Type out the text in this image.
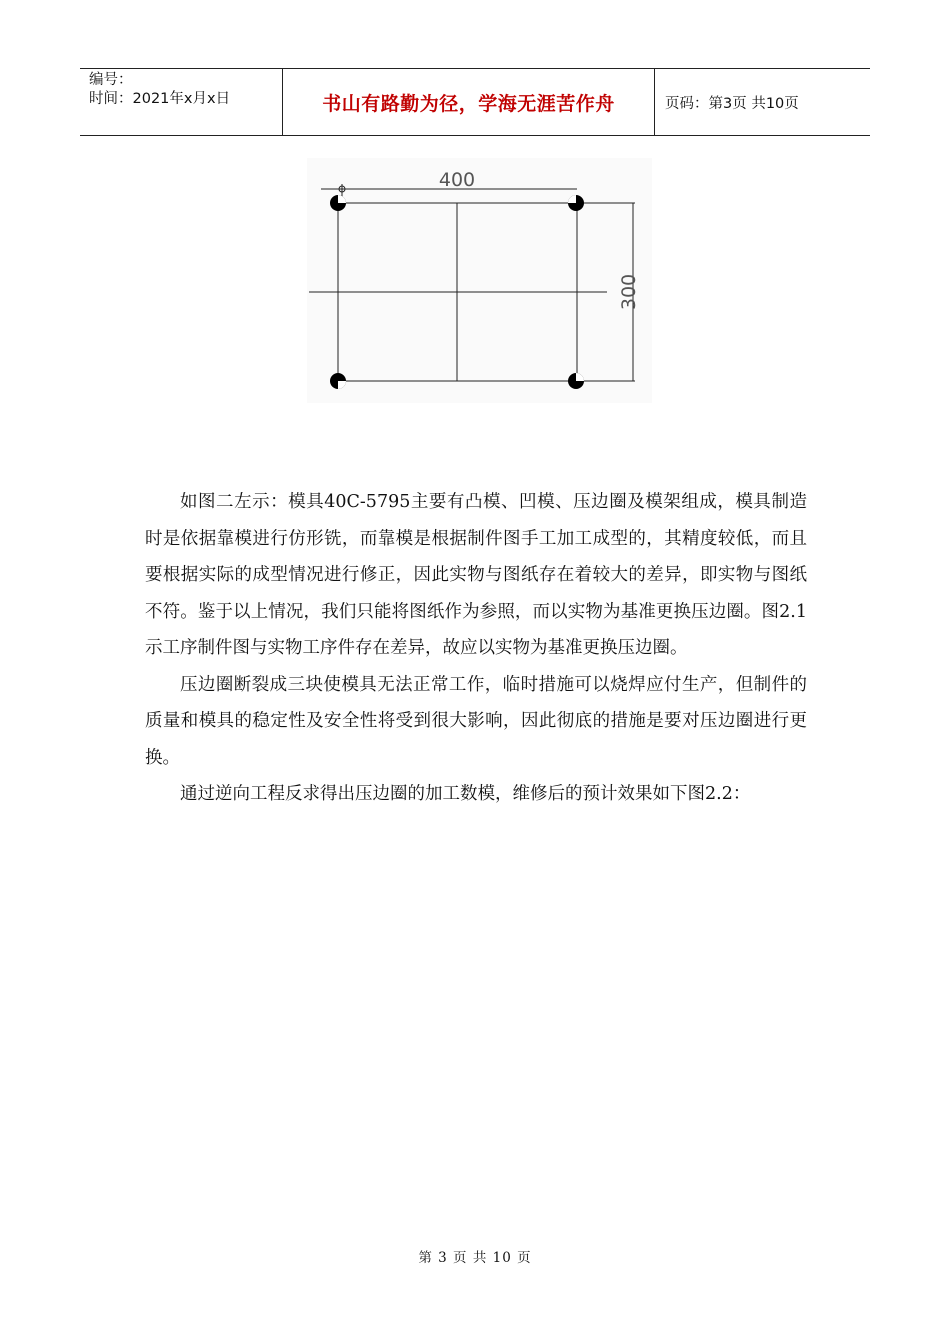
编号：
时间：2021年x月x日	书山有路勤为径，学海无涯苦作舟	页码：第3页 共10页
400
300

如图二左示：模具40C-5795主要有凸模、凹模、压边圈及模架组成，模具制造时是依据靠模进行仿形铣，而靠模是根据制件图手工加工成型的，其精度较低，而且要根据实际的成型情况进行修正，因此实物与图纸存在着较大的差异，即实物与图纸不符。鉴于以上情况，我们只能将图纸作为参照，而以实物为基准更换压边圈。图2.1示工序制件图与实物工序件存在差异，故应以实物为基准更换压边圈。

压边圈断裂成三块使模具无法正常工作，临时措施可以烧焊应付生产，但制件的质量和模具的稳定性及安全性将受到很大影响，因此彻底的措施是要对压边圈进行更换。

通过逆向工程反求得出压边圈的加工数模，维修后的预计效果如下图2.2：

第 3 页 共 10 页
